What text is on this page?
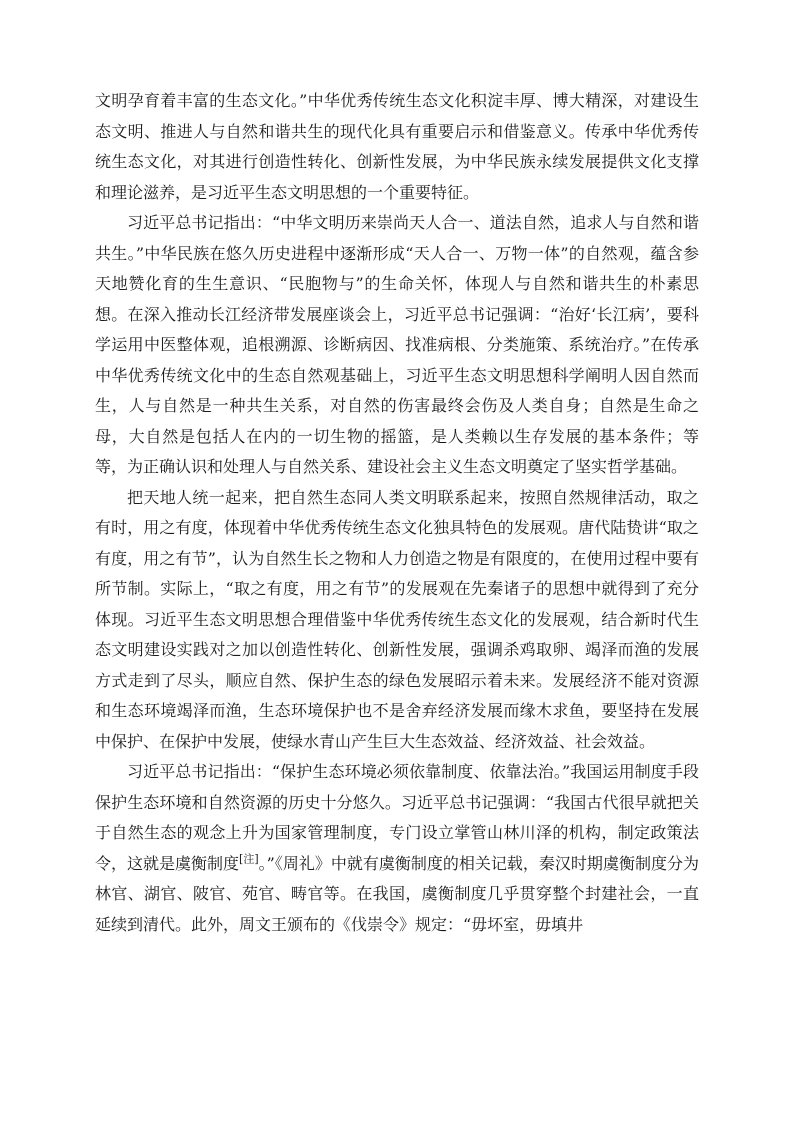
文明孕育着丰富的生态文化。”中华优秀传统生态文化积淀丰厚、博大精深，对建设生态文明、推进人与自然和谐共生的现代化具有重要启示和借鉴意义。传承中华优秀传统生态文化，对其进行创造性转化、创新性发展，为中华民族永续发展提供文化支撑和理论滋养，是习近平生态文明思想的一个重要特征。

习近平总书记指出：“中华文明历来崇尚天人合一、道法自然，追求人与自然和谐共生。”中华民族在悠久历史进程中逐渐形成“天人合一、万物一体”的自然观，蕴含参天地赞化育的生生意识、“民胞物与”的生命关怀，体现人与自然和谐共生的朴素思想。在深入推动长江经济带发展座谈会上，习近平总书记强调：“治好‘长江病’，要科学运用中医整体观，追根溯源、诊断病因、找准病根、分类施策、系统治疗。”在传承中华优秀传统文化中的生态自然观基础上，习近平生态文明思想科学阐明人因自然而生，人与自然是一种共生关系，对自然的伤害最终会伤及人类自身；自然是生命之母，大自然是包括人在内的一切生物的摇篮，是人类赖以生存发展的基本条件；等等，为正确认识和处理人与自然关系、建设社会主义生态文明奠定了坚实哲学基础。

把天地人统一起来，把自然生态同人类文明联系起来，按照自然规律活动，取之有时，用之有度，体现着中华优秀传统生态文化独具特色的发展观。唐代陆贽讲“取之有度，用之有节”，认为自然生长之物和人力创造之物是有限度的，在使用过程中要有所节制。实际上，“取之有度，用之有节”的发展观在先秦诸子的思想中就得到了充分体现。习近平生态文明思想合理借鉴中华优秀传统生态文化的发展观，结合新时代生态文明建设实践对之加以创造性转化、创新性发展，强调杀鸡取卵、竭泽而渔的发展方式走到了尽头，顺应自然、保护生态的绿色发展昭示着未来。发展经济不能对资源和生态环境竭泽而渔，生态环境保护也不是舍弃经济发展而缘木求鱼，要坚持在发展中保护、在保护中发展，使绿水青山产生巨大生态效益、经济效益、社会效益。

习近平总书记指出：“保护生态环境必须依靠制度、依靠法治。”我国运用制度手段保护生态环境和自然资源的历史十分悠久。习近平总书记强调：“我国古代很早就把关于自然生态的观念上升为国家管理制度，专门设立掌管山林川泽的机构，制定政策法令，这就是虞衡制度[注]。”《周礼》中就有虞衡制度的相关记载，秦汉时期虞衡制度分为林官、湖官、陂官、苑官、畴官等。在我国，虞衡制度几乎贯穿整个封建社会，一直延续到清代。此外，周文王颁布的《伐崇令》规定：“毋坏室，毋填井
